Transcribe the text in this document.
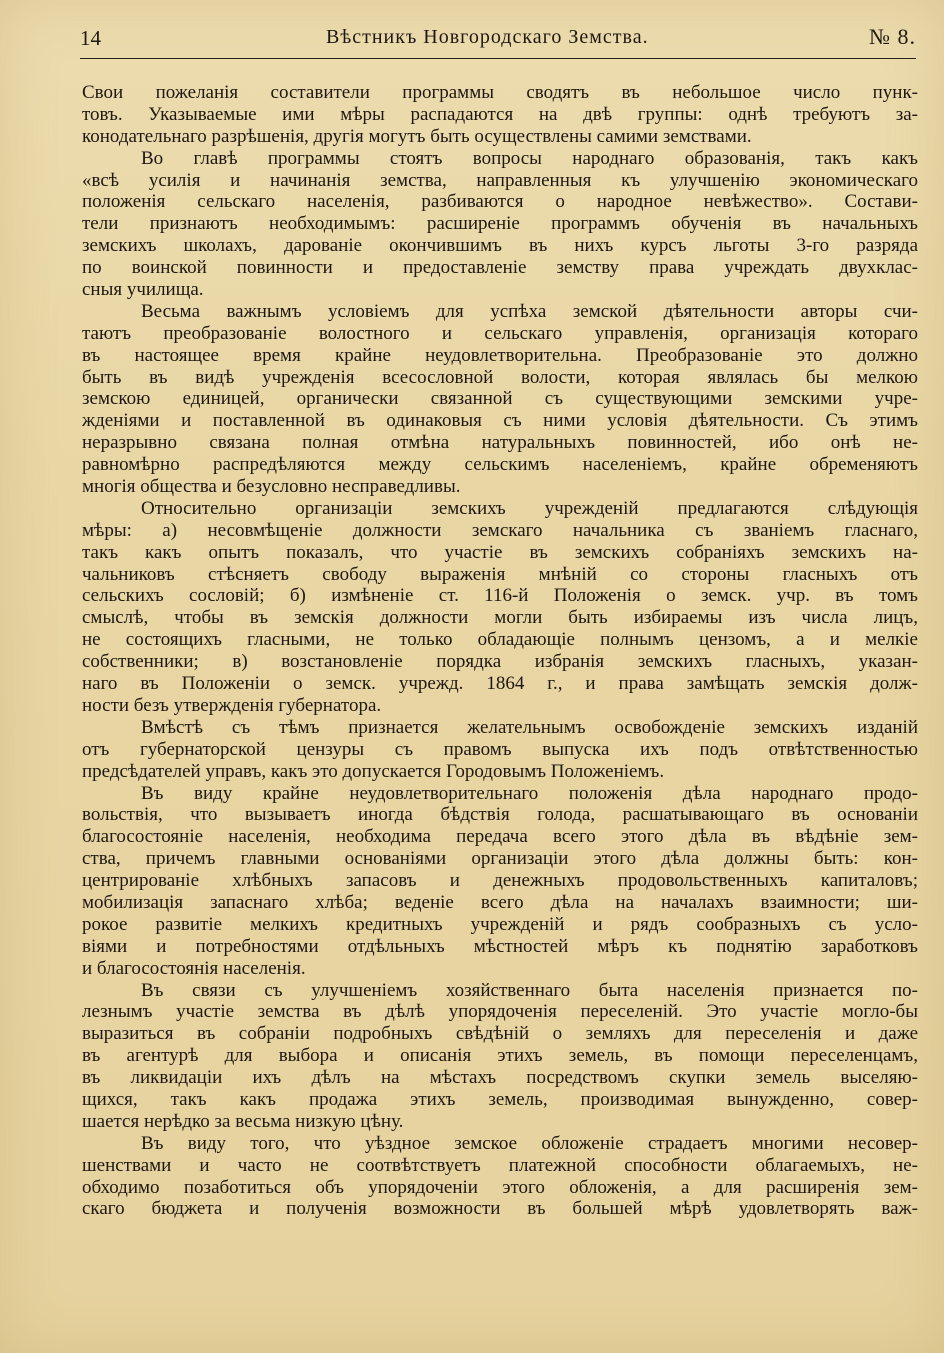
14	Вѣстникъ Новгородскаго Земства.	№ 8.
Свои пожеланія составители программы сводятъ въ небольшое число пунк-
товъ. Указываемые ими мѣры распадаются на двѣ группы: однѣ требуютъ за-
конодательнаго разрѣшенія, другія могутъ быть осуществлены самими земствами.
Во главѣ программы стоятъ вопросы народнаго образованія, такъ какъ
«всѣ усилія и начинанія земства, направленныя къ улучшенію экономическаго
положенія сельскаго населенія, разбиваются о народное невѣжество». Состави-
тели признаютъ необходимымъ: расширеніе программъ обученія въ начальныхъ
земскихъ школахъ, дарованіе окончившимъ въ нихъ курсъ льготы 3-го разряда
по воинской повинности и предоставленіе земству права учреждать двухклас-
сныя училища.
Весьма важнымъ условіемъ для успѣха земской дѣятельности авторы счи-
таютъ преобразованіе волостного и сельскаго управленія, организація котораго
въ настоящее время крайне неудовлетворительна. Преобразованіе это должно
быть въ видѣ учрежденія всесословной волости, которая являлась бы мелкою
земскою единицей, органически связанной съ существующими земскими учре-
жденіями и поставленной въ одинаковыя съ ними условія дѣятельности. Съ этимъ
неразрывно связана полная отмѣна натуральныхъ повинностей, ибо онѣ не-
равномѣрно распредѣляются между сельскимъ населеніемъ, крайне обременяютъ
многія общества и безусловно несправедливы.
Относительно организаціи земскихъ учрежденій предлагаются слѣдующія
мѣры: а) несовмѣщеніе должности земскаго начальника съ званіемъ гласнаго,
такъ какъ опытъ показалъ, что участіе въ земскихъ собраніяхъ земскихъ на-
чальниковъ стѣсняетъ свободу выраженія мнѣній со стороны гласныхъ отъ
сельскихъ сословій; б) измѣненіе ст. 116-й Положенія о земск. учр. въ томъ
смыслѣ, чтобы въ земскія должности могли быть избираемы изъ числа лицъ,
не состоящихъ гласными, не только обладающіе полнымъ цензомъ, а и мелкіе
собственники; в) возстановленіе порядка избранія земскихъ гласныхъ, указан-
наго въ Положеніи о земск. учрежд. 1864 г., и права замѣщать земскія долж-
ности безъ утвержденія губернатора.
Вмѣстѣ съ тѣмъ признается желательнымъ освобожденіе земскихъ изданій
отъ губернаторской цензуры съ правомъ выпуска ихъ подъ отвѣтственностью
предсѣдателей управъ, какъ это допускается Городовымъ Положеніемъ.
Въ виду крайне неудовлетворительнаго положенія дѣла народнаго продо-
вольствія, что вызываетъ иногда бѣдствія голода, расшатывающаго въ основаніи
благосостояніе населенія, необходима передача всего этого дѣла въ вѣдѣніе зем-
ства, причемъ главными основаніями организаціи этого дѣла должны быть: кон-
центрированіе хлѣбныхъ запасовъ и денежныхъ продовольственныхъ капиталовъ;
мобилизація запаснаго хлѣба; веденіе всего дѣла на началахъ взаимности; ши-
рокое развитіе мелкихъ кредитныхъ учрежденій и рядъ сообразныхъ съ усло-
віями и потребностями отдѣльныхъ мѣстностей мѣръ къ поднятію заработковъ
и благосостоянія населенія.
Въ связи съ улучшеніемъ хозяйственнаго быта населенія признается по-
лезнымъ участіе земства въ дѣлѣ упорядоченія переселеній. Это участіе могло-бы
выразиться въ собраніи подробныхъ свѣдѣній о земляхъ для переселенія и даже
въ агентурѣ для выбора и описанія этихъ земель, въ помощи переселенцамъ,
въ ликвидаціи ихъ дѣлъ на мѣстахъ посредствомъ скупки земель выселяю-
щихся, такъ какъ продажа этихъ земель, производимая вынужденно, совер-
шается нерѣдко за весьма низкую цѣну.
Въ виду того, что уѣздное земское обложеніе страдаетъ многими несовер-
шенствами и часто не соотвѣтствуетъ платежной способности облагаемыхъ, не-
обходимо позаботиться объ упорядоченіи этого обложенія, а для расширенія зем-
скаго бюджета и полученія возможности въ большей мѣрѣ удовлетворять важ-
